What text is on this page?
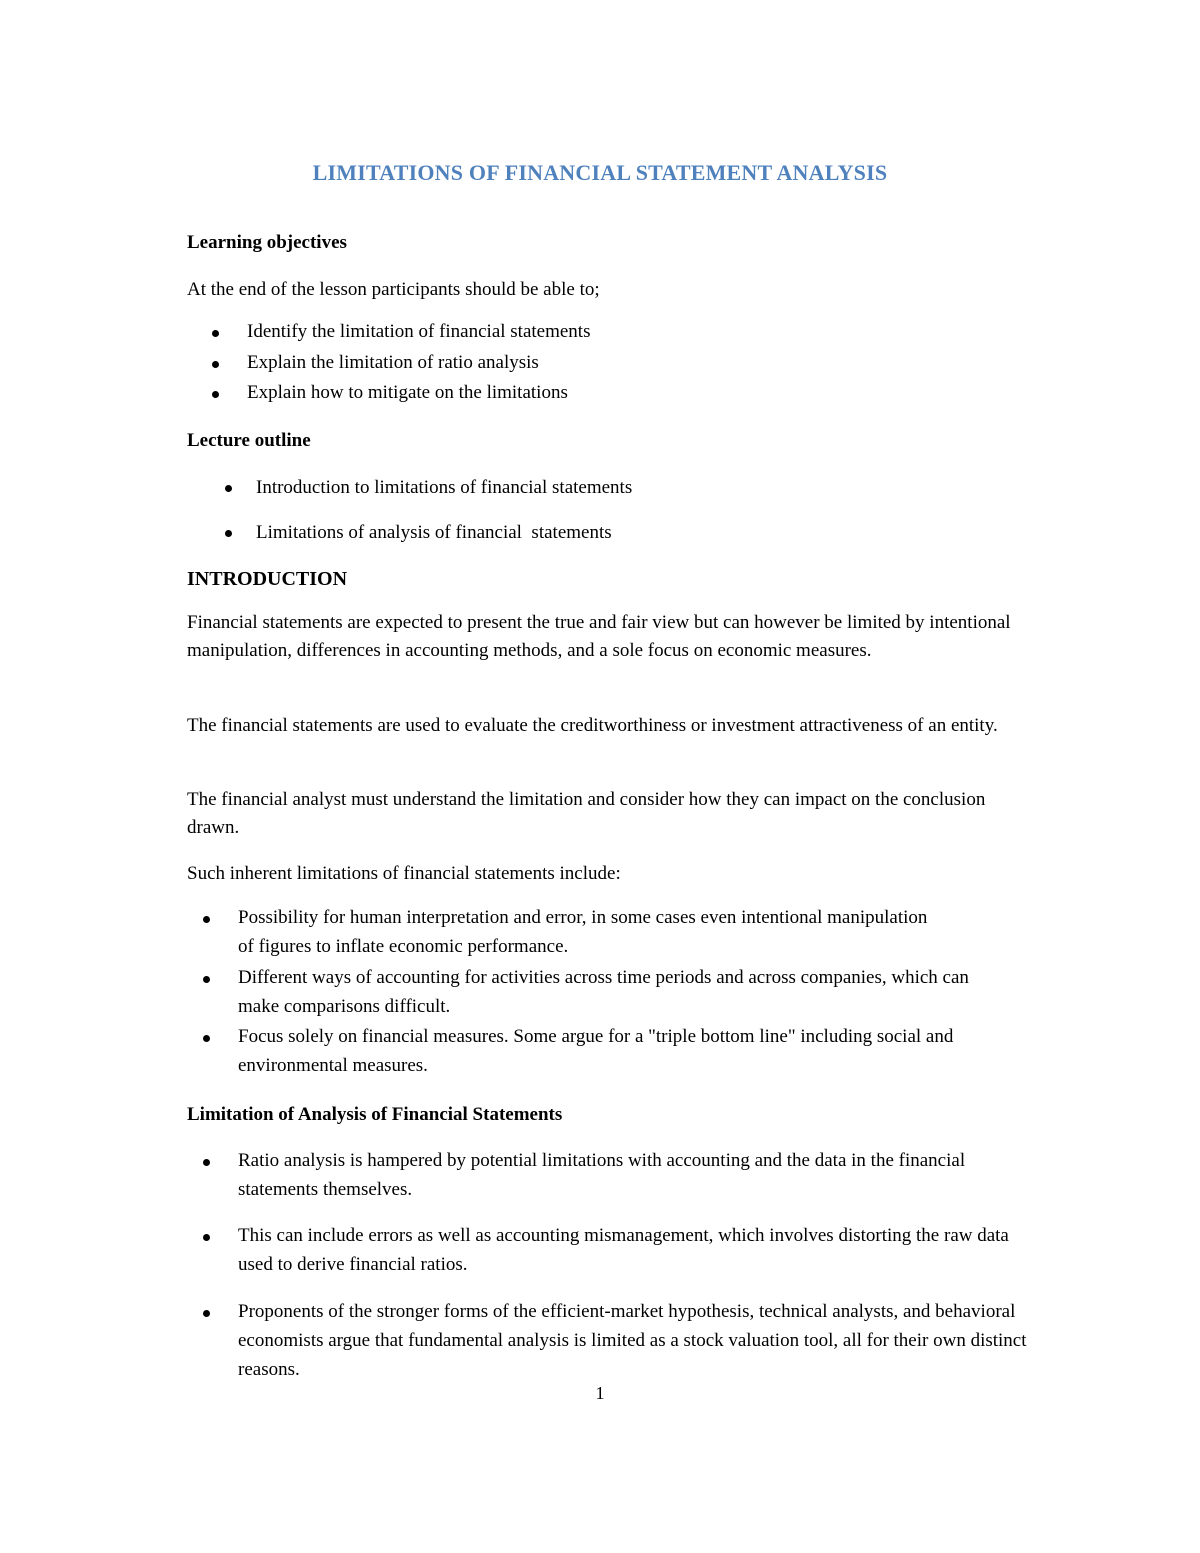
LIMITATIONS OF FINANCIAL STATEMENT ANALYSIS
Learning objectives
At the end of the lesson participants should be able to;
Identify the limitation of financial statements
Explain the limitation of ratio analysis
Explain how to mitigate on the limitations
Lecture outline
Introduction to limitations of financial statements
Limitations of analysis of financial  statements
INTRODUCTION

Financial statements are expected to present the true and fair view but can however be limited by intentional manipulation, differences in accounting methods, and a sole focus on economic measures.

The financial statements are used to evaluate the creditworthiness or investment attractiveness of an entity.

The financial analyst must understand the limitation and consider how they can impact on the conclusion drawn.

Such inherent limitations of financial statements include:

Possibility for human interpretation and error, in some cases even intentional manipulation of figures to inflate economic performance.
Different ways of accounting for activities across time periods and across companies, which can make comparisons difficult.
Focus solely on financial measures. Some argue for a "triple bottom line" including social and environmental measures.
Limitation of Analysis of Financial Statements
Ratio analysis is hampered by potential limitations with accounting and the data in the financial statements themselves.
This can include errors as well as accounting mismanagement, which involves distorting the raw data used to derive financial ratios.
Proponents of the stronger forms of the efficient-market hypothesis, technical analysts, and behavioral economists argue that fundamental analysis is limited as a stock valuation tool, all for their own distinct reasons.
1
